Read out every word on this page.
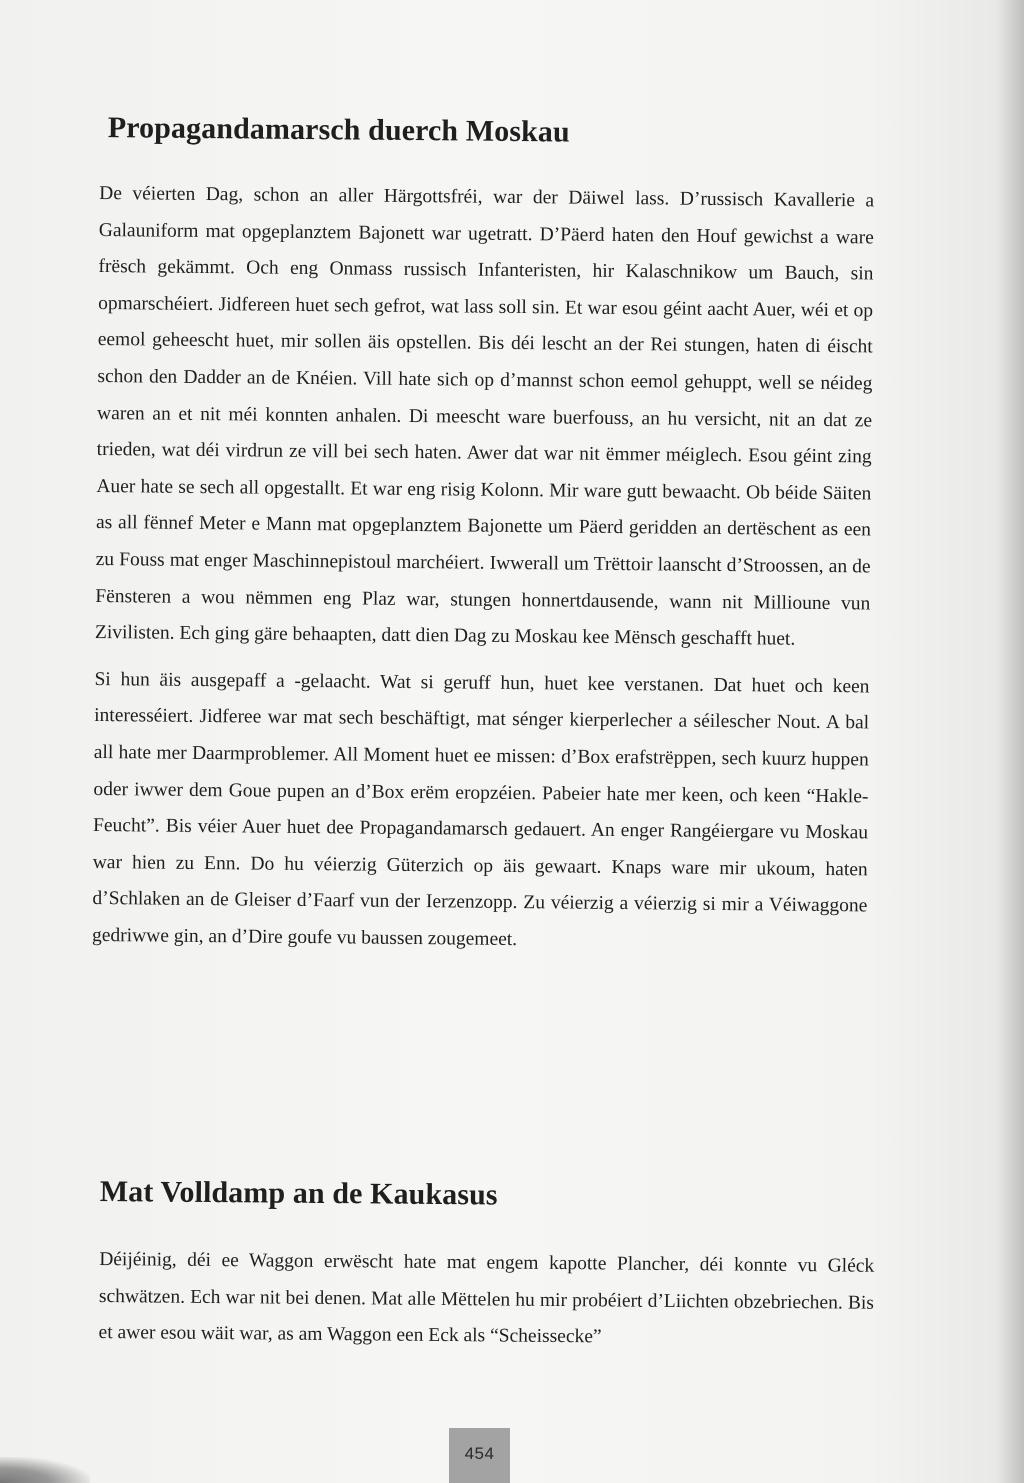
Propagandamarsch duerch Moskau

De véierten Dag, schon an aller Härgottsfréi, war der Däiwel lass. D’russisch Kavallerie a Galauniform mat opgeplanztem Bajonett war ugetratt. D’Päerd haten den Houf gewichst a ware frësch gekämmt. Och eng Onmass russisch Infanteristen, hir Kalaschnikow um Bauch, sin opmarschéiert. Jidfereen huet sech gefrot, wat lass soll sin. Et war esou géint aacht Auer, wéi et op eemol geheescht huet, mir sollen äis opstellen. Bis déi lescht an der Rei stungen, haten di éischt schon den Dadder an de Knéien. Vill hate sich op d’mannst schon eemol gehuppt, well se néideg waren an et nit méi konnten anhalen. Di meescht ware buerfouss, an hu versicht, nit an dat ze trieden, wat déi virdrun ze vill bei sech haten. Awer dat war nit ëmmer méiglech. Esou géint zing Auer hate se sech all opgestallt. Et war eng risig Kolonn. Mir ware gutt bewaacht. Ob béide Säiten as all fënnef Meter e Mann mat opgeplanztem Bajonette um Päerd geridden an dertëschent as een zu Fouss mat enger Maschinnepistoul marchéiert. Iwwerall um Trëttoir laanscht d’Stroossen, an de Fënsteren a wou nëmmen eng Plaz war, stungen honnertdausende, wann nit Millioune vun Zivilisten. Ech ging gäre behaapten, datt dien Dag zu Moskau kee Mënsch geschafft huet.

Si hun äis ausgepaff a -gelaacht. Wat si geruff hun, huet kee verstanen. Dat huet och keen interesséiert. Jidferee war mat sech beschäftigt, mat sénger kierperlecher a séilescher Nout. A bal all hate mer Daarmproblemer. All Moment huet ee missen: d’Box erafstrëppen, sech kuurz huppen oder iwwer dem Goue pupen an d’Box erëm eropzéien. Pabeier hate mer keen, och keen “Hakle-Feucht”. Bis véier Auer huet dee Propagandamarsch gedauert. An enger Rangéiergare vu Moskau war hien zu Enn. Do hu véierzig Güterzich op äis gewaart. Knaps ware mir ukoum, haten d’Schlaken an de Gleiser d’Faarf vun der Ierzenzopp. Zu véierzig a véierzig si mir a Véiwaggone gedriwwe gin, an d’Dire goufe vu baussen zougemeet.

Mat Volldamp an de Kaukasus

Déijéinig, déi ee Waggon erwëscht hate mat engem kapotte Plancher, déi konnte vu Gléck schwätzen. Ech war nit bei denen. Mat alle Mëttelen hu mir probéiert d’Liichten obzebriechen. Bis et awer esou wäit war, as am Waggon een Eck als “Scheissecke”

454
